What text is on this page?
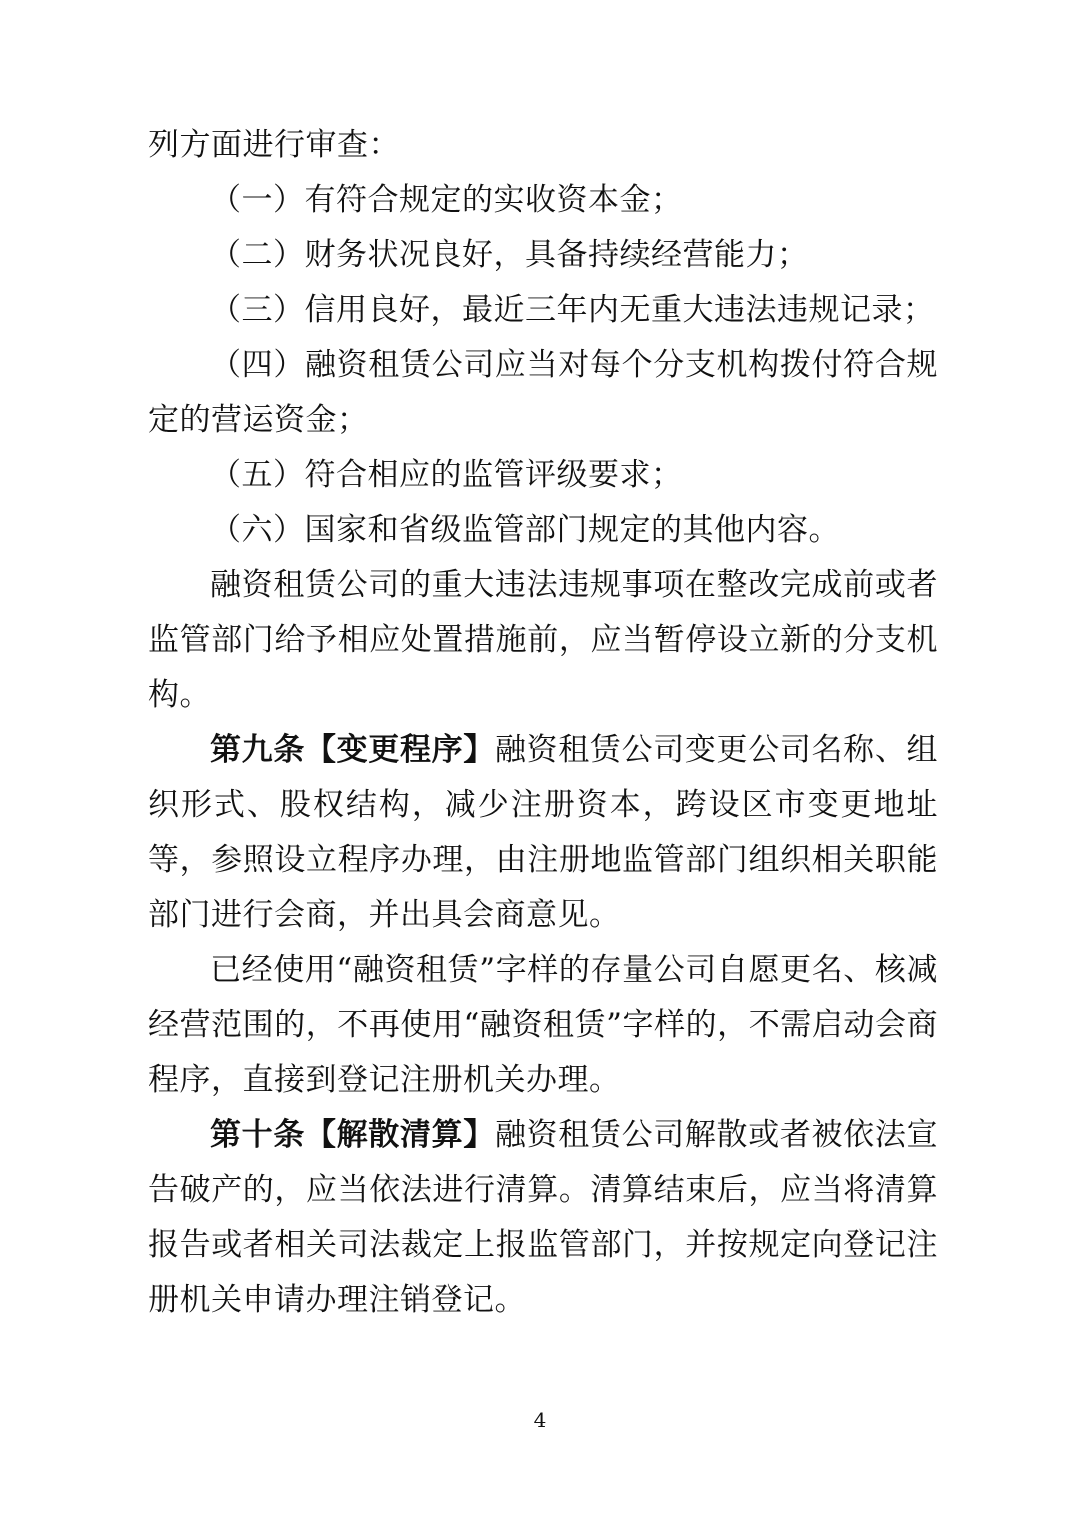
列方面进行审查：

（一）有符合规定的实收资本金；

（二）财务状况良好，具备持续经营能力；

（三）信用良好，最近三年内无重大违法违规记录；

（四）融资租赁公司应当对每个分支机构拨付符合规定的营运资金；

（五）符合相应的监管评级要求；

（六）国家和省级监管部门规定的其他内容。

融资租赁公司的重大违法违规事项在整改完成前或者监管部门给予相应处置措施前，应当暂停设立新的分支机构。

第九条【变更程序】融资租赁公司变更公司名称、组织形式、股权结构，减少注册资本，跨设区市变更地址等，参照设立程序办理，由注册地监管部门组织相关职能部门进行会商，并出具会商意见。

已经使用“融资租赁”字样的存量公司自愿更名、核减经营范围的，不再使用“融资租赁”字样的，不需启动会商程序，直接到登记注册机关办理。

第十条【解散清算】融资租赁公司解散或者被依法宣告破产的，应当依法进行清算。清算结束后，应当将清算报告或者相关司法裁定上报监管部门，并按规定向登记注册机关申请办理注销登记。

4
